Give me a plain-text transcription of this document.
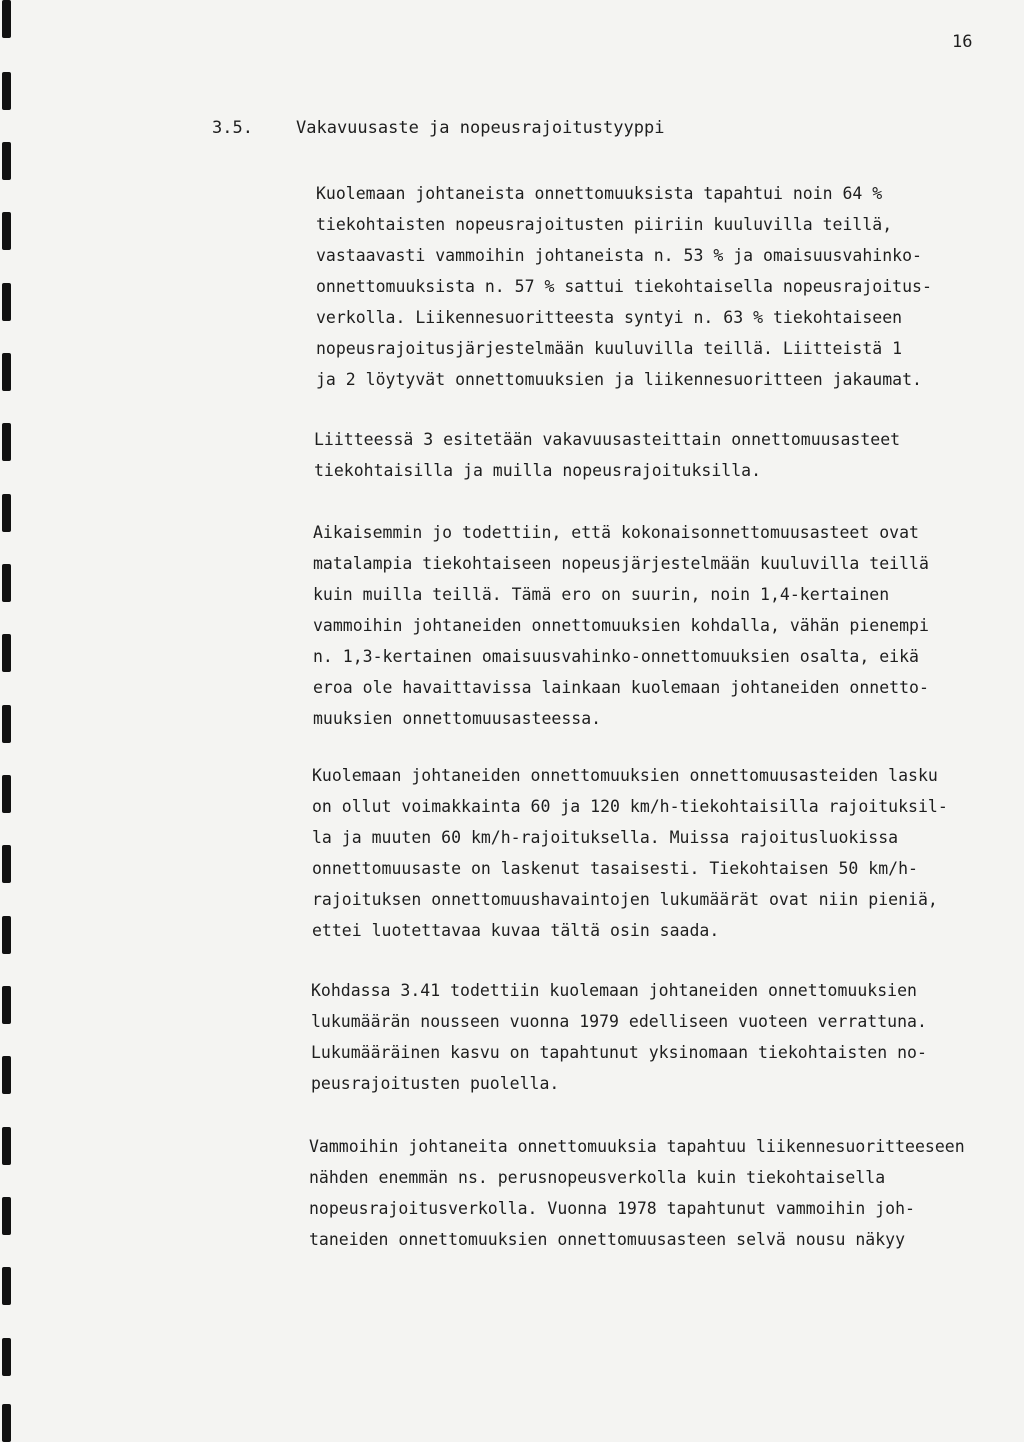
16
3.5.	Vakavuusaste ja nopeusrajoitustyyppi
Kuolemaan johtaneista onnettomuuksista tapahtui noin 64 %
tiekohtaisten nopeusrajoitusten piiriin kuuluvilla teillä,
vastaavasti vammoihin johtaneista n. 53 % ja omaisuusvahinko-
onnettomuuksista n. 57 % sattui tiekohtaisella nopeusrajoitus-
verkolla. Liikennesuoritteesta syntyi n. 63 % tiekohtaiseen
nopeusrajoitusjärjestelmään kuuluvilla teillä. Liitteistä 1
ja 2 löytyvät onnettomuuksien ja liikennesuoritteen jakaumat.
Liitteessä 3 esitetään vakavuusasteittain onnettomuusasteet
tiekohtaisilla ja muilla nopeusrajoituksilla.
Aikaisemmin jo todettiin, että kokonaisonnettomuusasteet ovat
matalampia tiekohtaiseen nopeusjärjestelmään kuuluvilla teillä
kuin muilla teillä. Tämä ero on suurin, noin 1,4-kertainen
vammoihin johtaneiden onnettomuuksien kohdalla, vähän pienempi
n. 1,3-kertainen omaisuusvahinko-onnettomuuksien osalta, eikä
eroa ole havaittavissa lainkaan kuolemaan johtaneiden onnetto-
muuksien onnettomuusasteessa.
Kuolemaan johtaneiden onnettomuuksien onnettomuusasteiden lasku
on ollut voimakkainta 60 ja 120 km/h-tiekohtaisilla rajoituksil-
la ja muuten 60 km/h-rajoituksella. Muissa rajoitusluokissa
onnettomuusaste on laskenut tasaisesti. Tiekohtaisen 50 km/h-
rajoituksen onnettomuushavaintojen lukumäärät ovat niin pieniä,
ettei luotettavaa kuvaa tältä osin saada.
Kohdassa 3.41 todettiin kuolemaan johtaneiden onnettomuuksien
lukumäärän nousseen vuonna 1979 edelliseen vuoteen verrattuna.
Lukumääräinen kasvu on tapahtunut yksinomaan tiekohtaisten no-
peusrajoitusten puolella.
Vammoihin johtaneita onnettomuuksia tapahtuu liikennesuoritteeseen
nähden enemmän ns. perusnopeusverkolla kuin tiekohtaisella
nopeusrajoitusverkolla. Vuonna 1978 tapahtunut vammoihin joh-
taneiden onnettomuuksien onnettomuusasteen selvä nousu näkyy
